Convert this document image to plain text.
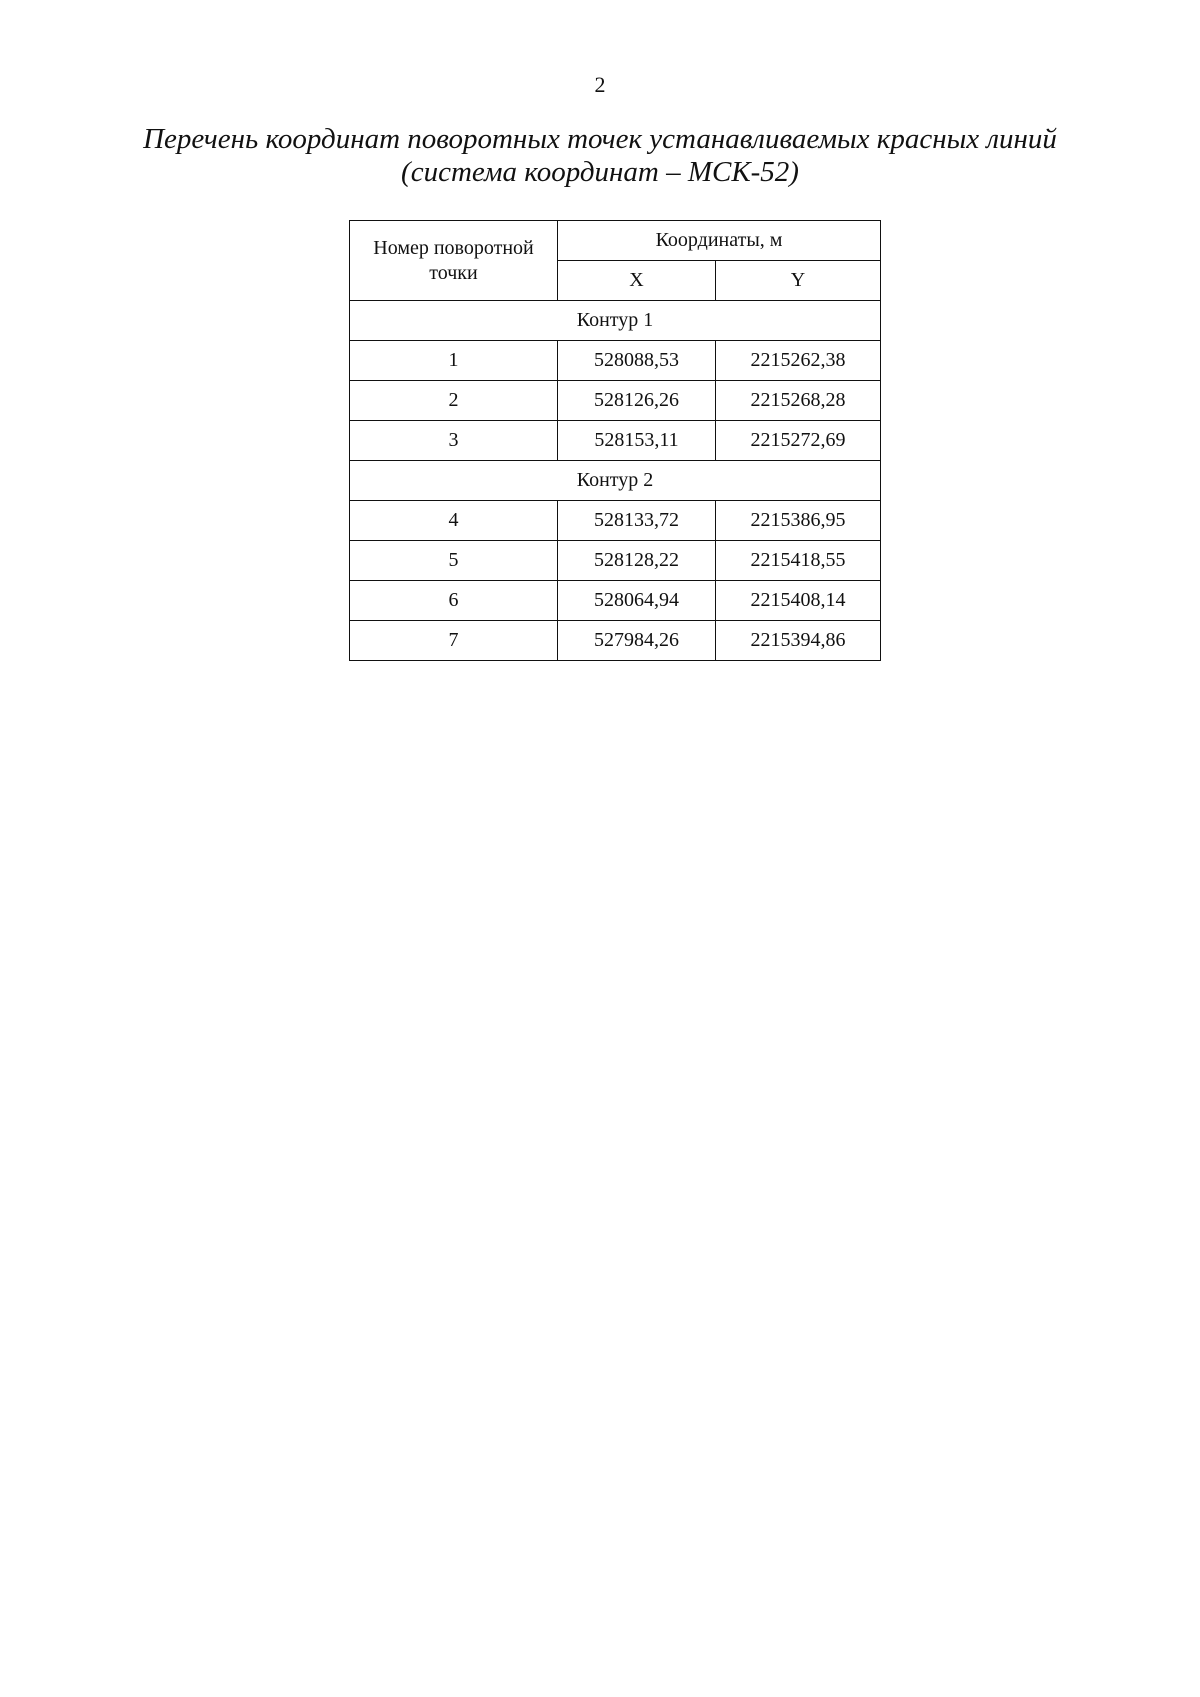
2
Перечень координат поворотных точек устанавливаемых красных линий
(система координат – МСК-52)
Номер поворотной точки	Координаты, м	
	X	Y
Контур 1		
1	528088,53	2215262,38
2	528126,26	2215268,28
3	528153,11	2215272,69
Контур 2		
4	528133,72	2215386,95
5	528128,22	2215418,55
6	528064,94	2215408,14
7	527984,26	2215394,86
